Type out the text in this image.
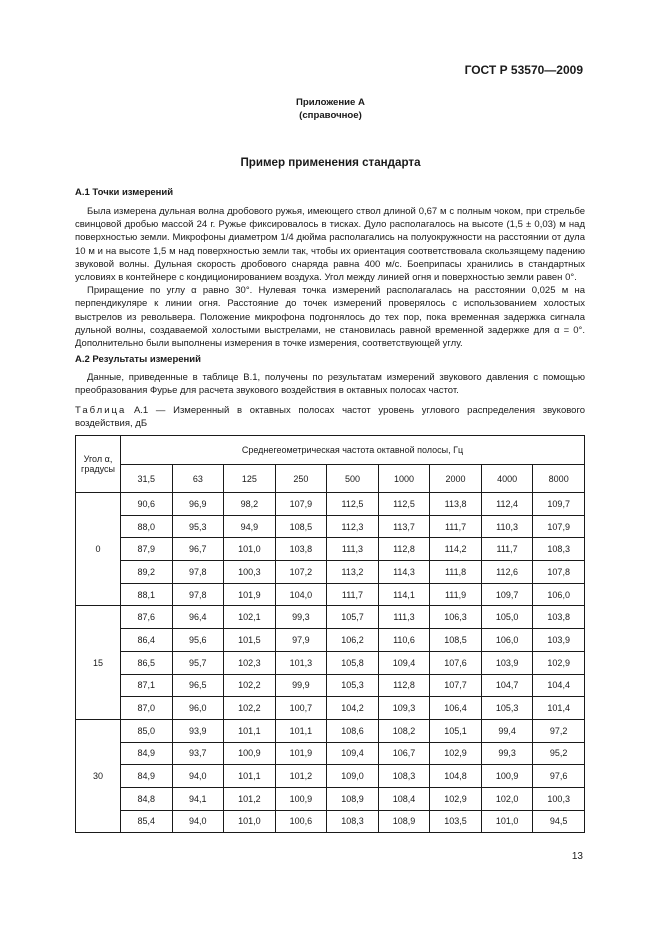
ГОСТ Р 53570—2009
Приложение А
(справочное)
Пример применения стандарта
А.1 Точки измерений

Была измерена дульная волна дробового ружья, имеющего ствол длиной 0,67 м с полным чоком, при стрельбе свинцовой дробью массой 24 г. Ружье фиксировалось в тисках. Дуло располагалось на высоте (1,5 ± 0,03) м над поверхностью земли. Микрофоны диаметром 1/4 дюйма располагались на полуокружности на расстоянии от дула 10 м и на высоте 1,5 м над поверхностью земли так, чтобы их ориентация соответствовала скользящему падению звуковой волны. Дульная скорость дробового снаряда равна 400 м/с. Боеприпасы хранились в стандартных условиях в контейнере с кондиционированием воздуха. Угол между линией огня и поверхностью земли равен 0°.

Приращение по углу α равно 30°. Нулевая точка измерений располагалась на расстоянии 0,025 м на перпендикуляре к линии огня. Расстояние до точек измерений проверялось с использованием холостых выстрелов из револьвера. Положение микрофона подгонялось до тех пор, пока временная задержка сигнала дульной волны, создаваемой холостыми выстрелами, не становилась равной временной задержке для α = 0°. Дополнительно были выполнены измерения в точке измерения, соответствующей углу.

А.2 Результаты измерений

Данные, приведенные в таблице В.1, получены по результатам измерений звукового давления с помощью преобразования Фурье для расчета звукового воздействия в октавных полосах частот.

Таблица А.1 — Измеренный в октавных полосах частот уровень углового распределения звукового воздействия, дБ
Угол α, градусы	Среднегеометрическая частота октавной полосы, Гц								
	31,5	63	125	250	500	1000	2000	4000	8000
0	90,6	96,9	98,2	107,9	112,5	112,5	113,8	112,4	109,7
	88,0	95,3	94,9	108,5	112,3	113,7	111,7	110,3	107,9
	87,9	96,7	101,0	103,8	111,3	112,8	114,2	111,7	108,3
	89,2	97,8	100,3	107,2	113,2	114,3	111,8	112,6	107,8
	88,1	97,8	101,9	104,0	111,7	114,1	111,9	109,7	106,0
15	87,6	96,4	102,1	99,3	105,7	111,3	106,3	105,0	103,8
	86,4	95,6	101,5	97,9	106,2	110,6	108,5	106,0	103,9
	86,5	95,7	102,3	101,3	105,8	109,4	107,6	103,9	102,9
	87,1	96,5	102,2	99,9	105,3	112,8	107,7	104,7	104,4
	87,0	96,0	102,2	100,7	104,2	109,3	106,4	105,3	101,4
30	85,0	93,9	101,1	101,1	108,6	108,2	105,1	99,4	97,2
	84,9	93,7	100,9	101,9	109,4	106,7	102,9	99,3	95,2
	84,9	94,0	101,1	101,2	109,0	108,3	104,8	100,9	97,6
	84,8	94,1	101,2	100,9	108,9	108,4	102,9	102,0	100,3
	85,4	94,0	101,0	100,6	108,3	108,9	103,5	101,0	94,5
13
